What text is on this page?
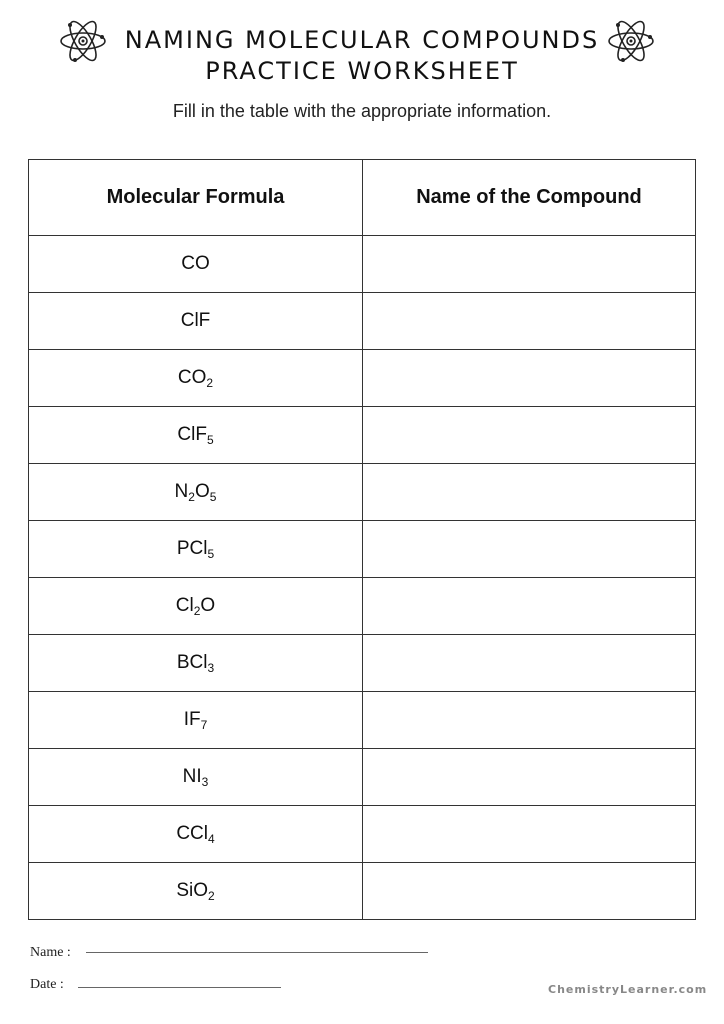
NAMING MOLECULAR COMPOUNDS
PRACTICE WORKSHEET
Fill in the table with the appropriate information.
Molecular Formula	Name of the Compound
CO	
ClF	
$CO_2$	
ClF$_5$	
$N_2O_5$	
PCl$_5$	
$Cl_2O$	
BCl$_3$	
$IF_7$	
$NI_3$	
CCl$_4$	
SiO$_2$	
Name :
Date :	ChemistryLearner.com
